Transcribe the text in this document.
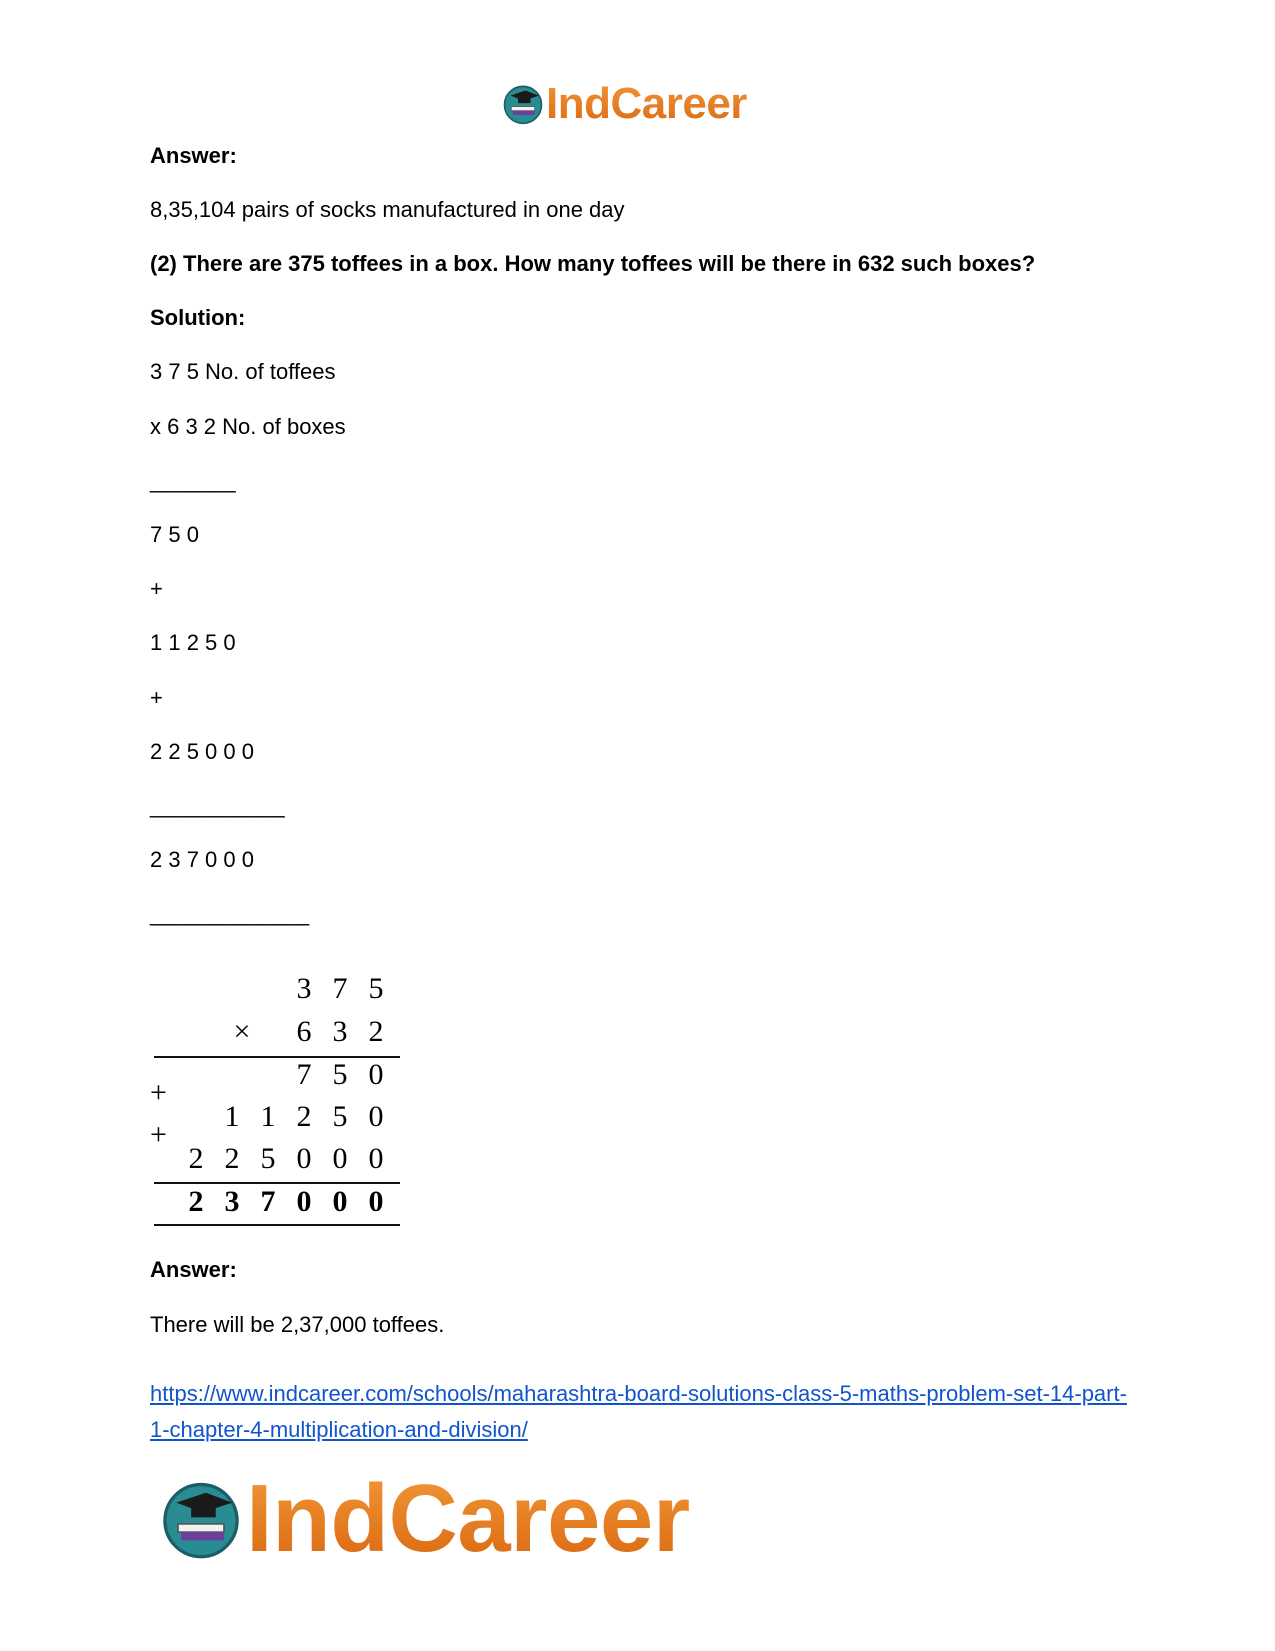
IndCareer
Answer:
8,35,104 pairs of socks manufactured in one day
(2) There are 375 toffees in a box. How many toffees will be there in 632 such boxes?
Solution:
3 7 5 No. of toffees
x 6 3 2 No. of boxes
_______
7 5 0
+
1 1 2 5 0
+
2 2 5 0 0 0
___________
2 3 7 0 0 0
_____________
3 7 5
×	6 3 2
7 5 0
+
1 1 2 5 0
+
2 2 5 0 0 0
2 3 7 0 0 0
Answer:
There will be 2,37,000 toffees.
https://www.indcareer.com/schools/maharashtra-board-solutions-class-5-maths-problem-set-14-part-1-chapter-4-multiplication-and-division/
IndCareer
